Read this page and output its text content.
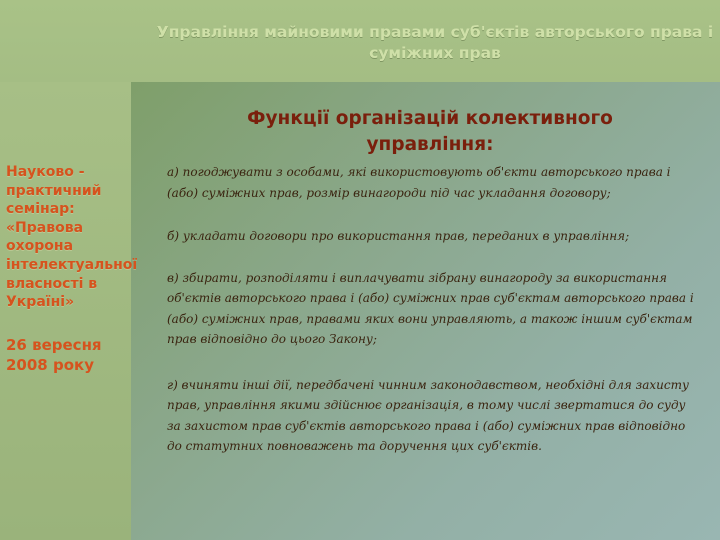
Управління майновими правами суб'єктів авторського права і суміжних прав

Науково - практичний семінар: «Правова охорона інтелектуальної власності в Україні»

26 вересня 2008 року

Функції організацій колективного управління:
а) погоджувати з особами, які використовують об'єкти авторського права і (або) суміжних прав, розмір винагороди під час укладання договору;
б) укладати договори про використання прав, переданих в управління;
в) збирати, розподіляти і виплачувати зібрану винагороду за використання об'єктів авторського права і (або) суміжних прав суб'єктам авторського права і (або) суміжних прав, правами яких вони управляють, а також іншим суб'єктам прав відповідно до цього Закону;
г) вчиняти інші дії, передбачені чинним законодавством, необхідні для захисту прав, управління якими здійснює організація, в тому числі звертатися до суду за захистом прав суб'єктів авторського права і (або) суміжних прав відповідно до статутних повноважень та доручення цих суб'єктів.
